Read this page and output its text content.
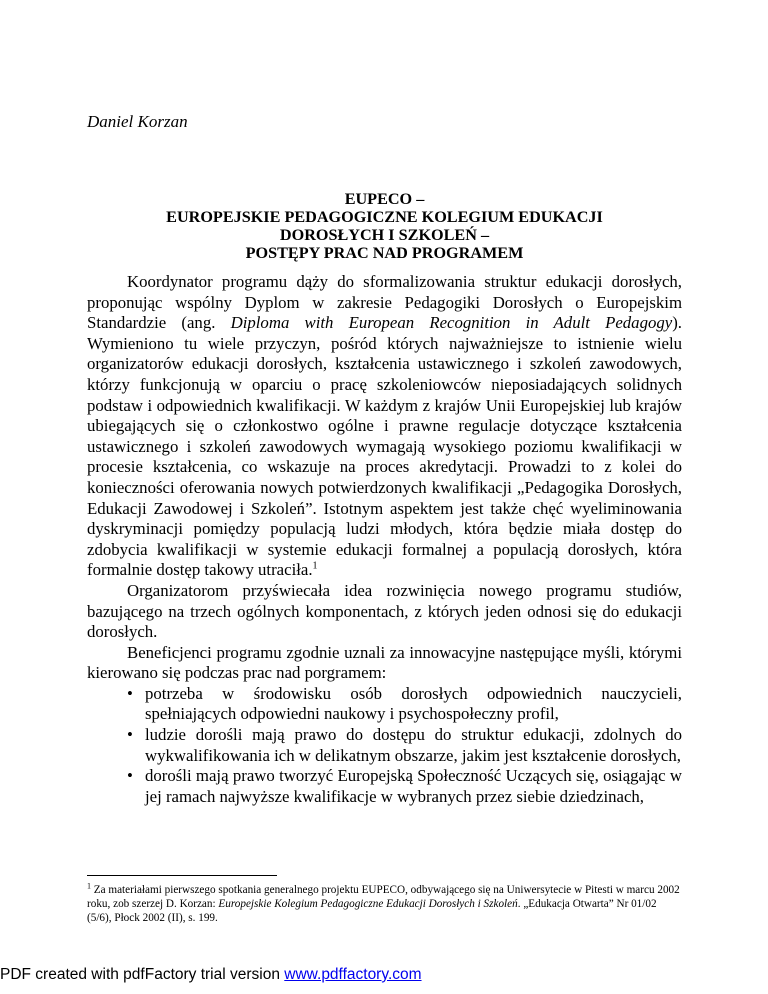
Daniel Korzan
EUPECO –
EUROPEJSKIE PEDAGOGICZNE KOLEGIUM EDUKACJI
DOROSŁYCH I SZKOLEŃ –
POSTĘPY PRAC NAD PROGRAMEM

Koordynator programu dąży do sformalizowania struktur edukacji dorosłych, proponując wspólny Dyplom w zakresie Pedagogiki Dorosłych o Europejskim Standardzie (ang. Diploma with European Recognition in Adult Pedagogy). Wymieniono tu wiele przyczyn, pośród których najważniejsze to istnienie wielu organizatorów edukacji dorosłych, kształcenia ustawicznego i szkoleń zawodowych, którzy funkcjonują w oparciu o pracę szkoleniowców nieposiadających solidnych podstaw i odpowiednich kwalifikacji. W każdym z krajów Unii Europejskiej lub krajów ubiegających się o członkostwo ogólne i prawne regulacje dotyczące kształcenia ustawicznego i szkoleń zawodowych wymagają wysokiego poziomu kwalifikacji w procesie kształcenia, co wskazuje na proces akredytacji. Prowadzi to z kolei do konieczności oferowania nowych potwierdzonych kwalifikacji „Pedagogika Dorosłych, Edukacji Zawodowej i Szkoleń”. Istotnym aspektem jest także chęć wyeliminowania dyskryminacji pomiędzy populacją ludzi młodych, która będzie miała dostęp do zdobycia kwalifikacji w systemie edukacji formalnej a populacją dorosłych, która formalnie dostęp takowy utraciła.$^1$

Organizatorom przyświecała idea rozwinięcia nowego programu studiów, bazującego na trzech ogólnych komponentach, z których jeden odnosi się do edukacji dorosłych.

Beneficjenci programu zgodnie uznali za innowacyjne następujące myśli, którymi kierowano się podczas prac nad porgramem:

• potrzeba w środowisku osób dorosłych odpowiednich nauczycieli, spełniających odpowiedni naukowy i psychospołeczny profil,
• ludzie dorośli mają prawo do dostępu do struktur edukacji, zdolnych do wykwalifikowania ich w delikatnym obszarze, jakim jest kształcenie dorosłych,
• dorośli mają prawo tworzyć Europejską Społeczność Uczących się, osiągając w jej ramach najwyższe kwalifikacje w wybranych przez siebie dziedzinach,
$^1$ Za materiałami pierwszego spotkania generalnego projektu EUPECO, odbywającego się na Uniwersytecie w Pitesti w marcu 2002 roku, zob szerzej D. Korzan: Europejskie Kolegium Pedagogiczne Edukacji Dorosłych i Szkoleń. „Edukacja Otwarta” Nr 01/02 (5/6), Płock 2002 (II), s. 199.
PDF created with pdfFactory trial version www.pdffactory.com
